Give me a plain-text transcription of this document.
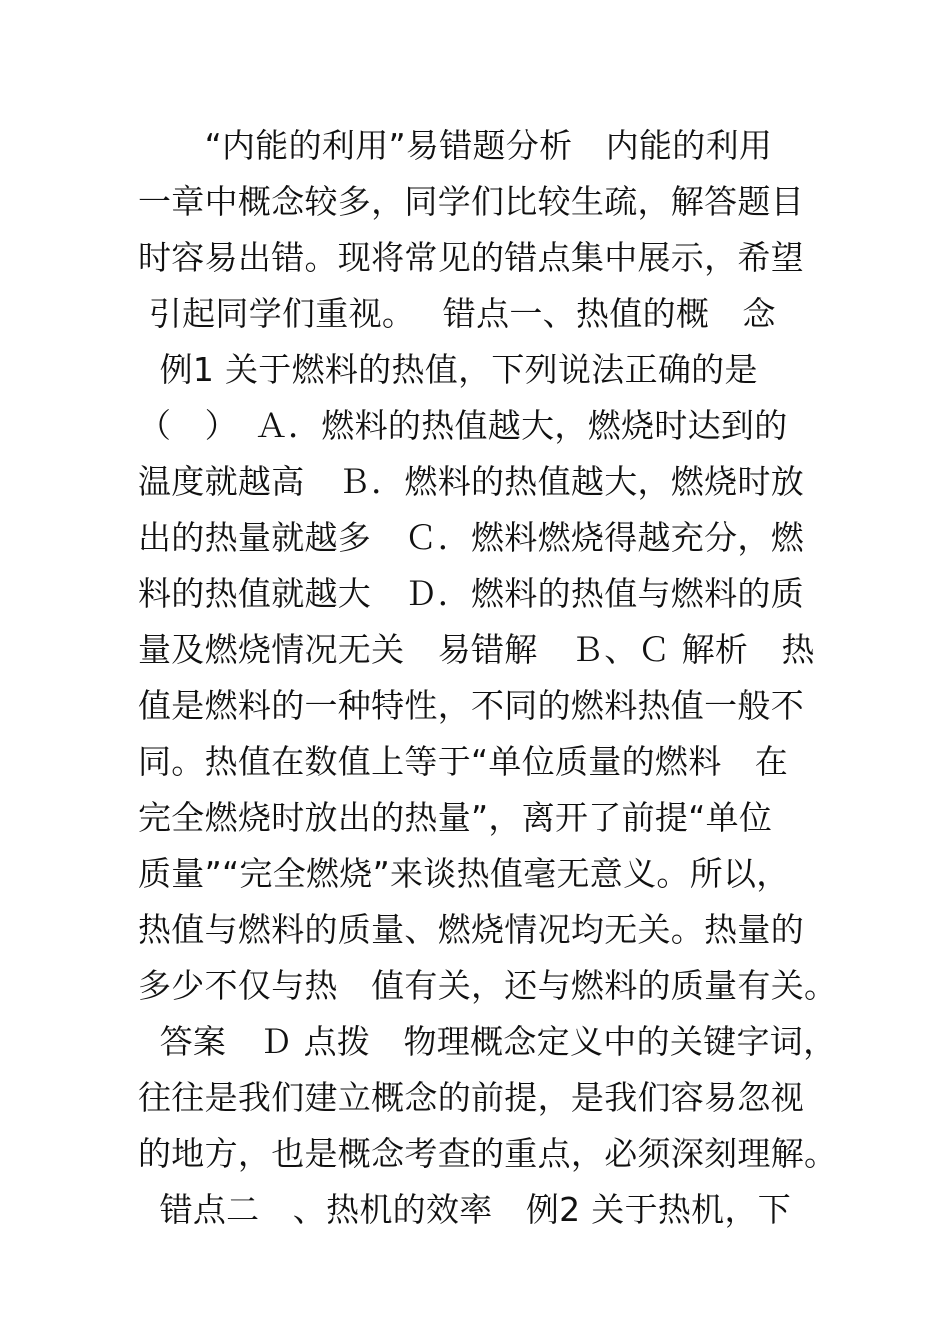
　　“内能的利用”易错题分析　内能的利用
一章中概念较多，同学们比较生疏，解答题目
时容易出错。现将常见的错点集中展示，希望
引起同学们重视。　 错点一、热值的概　念
例1 关于燃料的热值，下列说法正确的是
（　）　Ａ．燃料的热值越大，燃烧时达到的
温度就越高　Ｂ．燃料的热值越大，燃烧时放
出的热量就越多　Ｃ．燃料燃烧得越充分，燃
料的热值就越大　Ｄ．燃料的热值与燃料的质
量及燃烧情况无关　易错解　Ｂ、Ｃ 解析　热
值是燃料的一种特性，不同的燃料热值一般不
同。热值在数值上等于“单位质量的燃料　在
完全燃烧时放出的热量”，离开了前提“单位
质量”“完全燃烧”来谈热值毫无意义。所以，
热值与燃料的质量、燃烧情况均无关。热量的
多少不仅与热　值有关，还与燃料的质量有关。
答案　Ｄ 点拨　物理概念定义中的关键字词，
往往是我们建立概念的前提，是我们容易忽视
的地方，也是概念考查的重点，必须深刻理解。
错点二　、热机的效率　例2 关于热机，下
